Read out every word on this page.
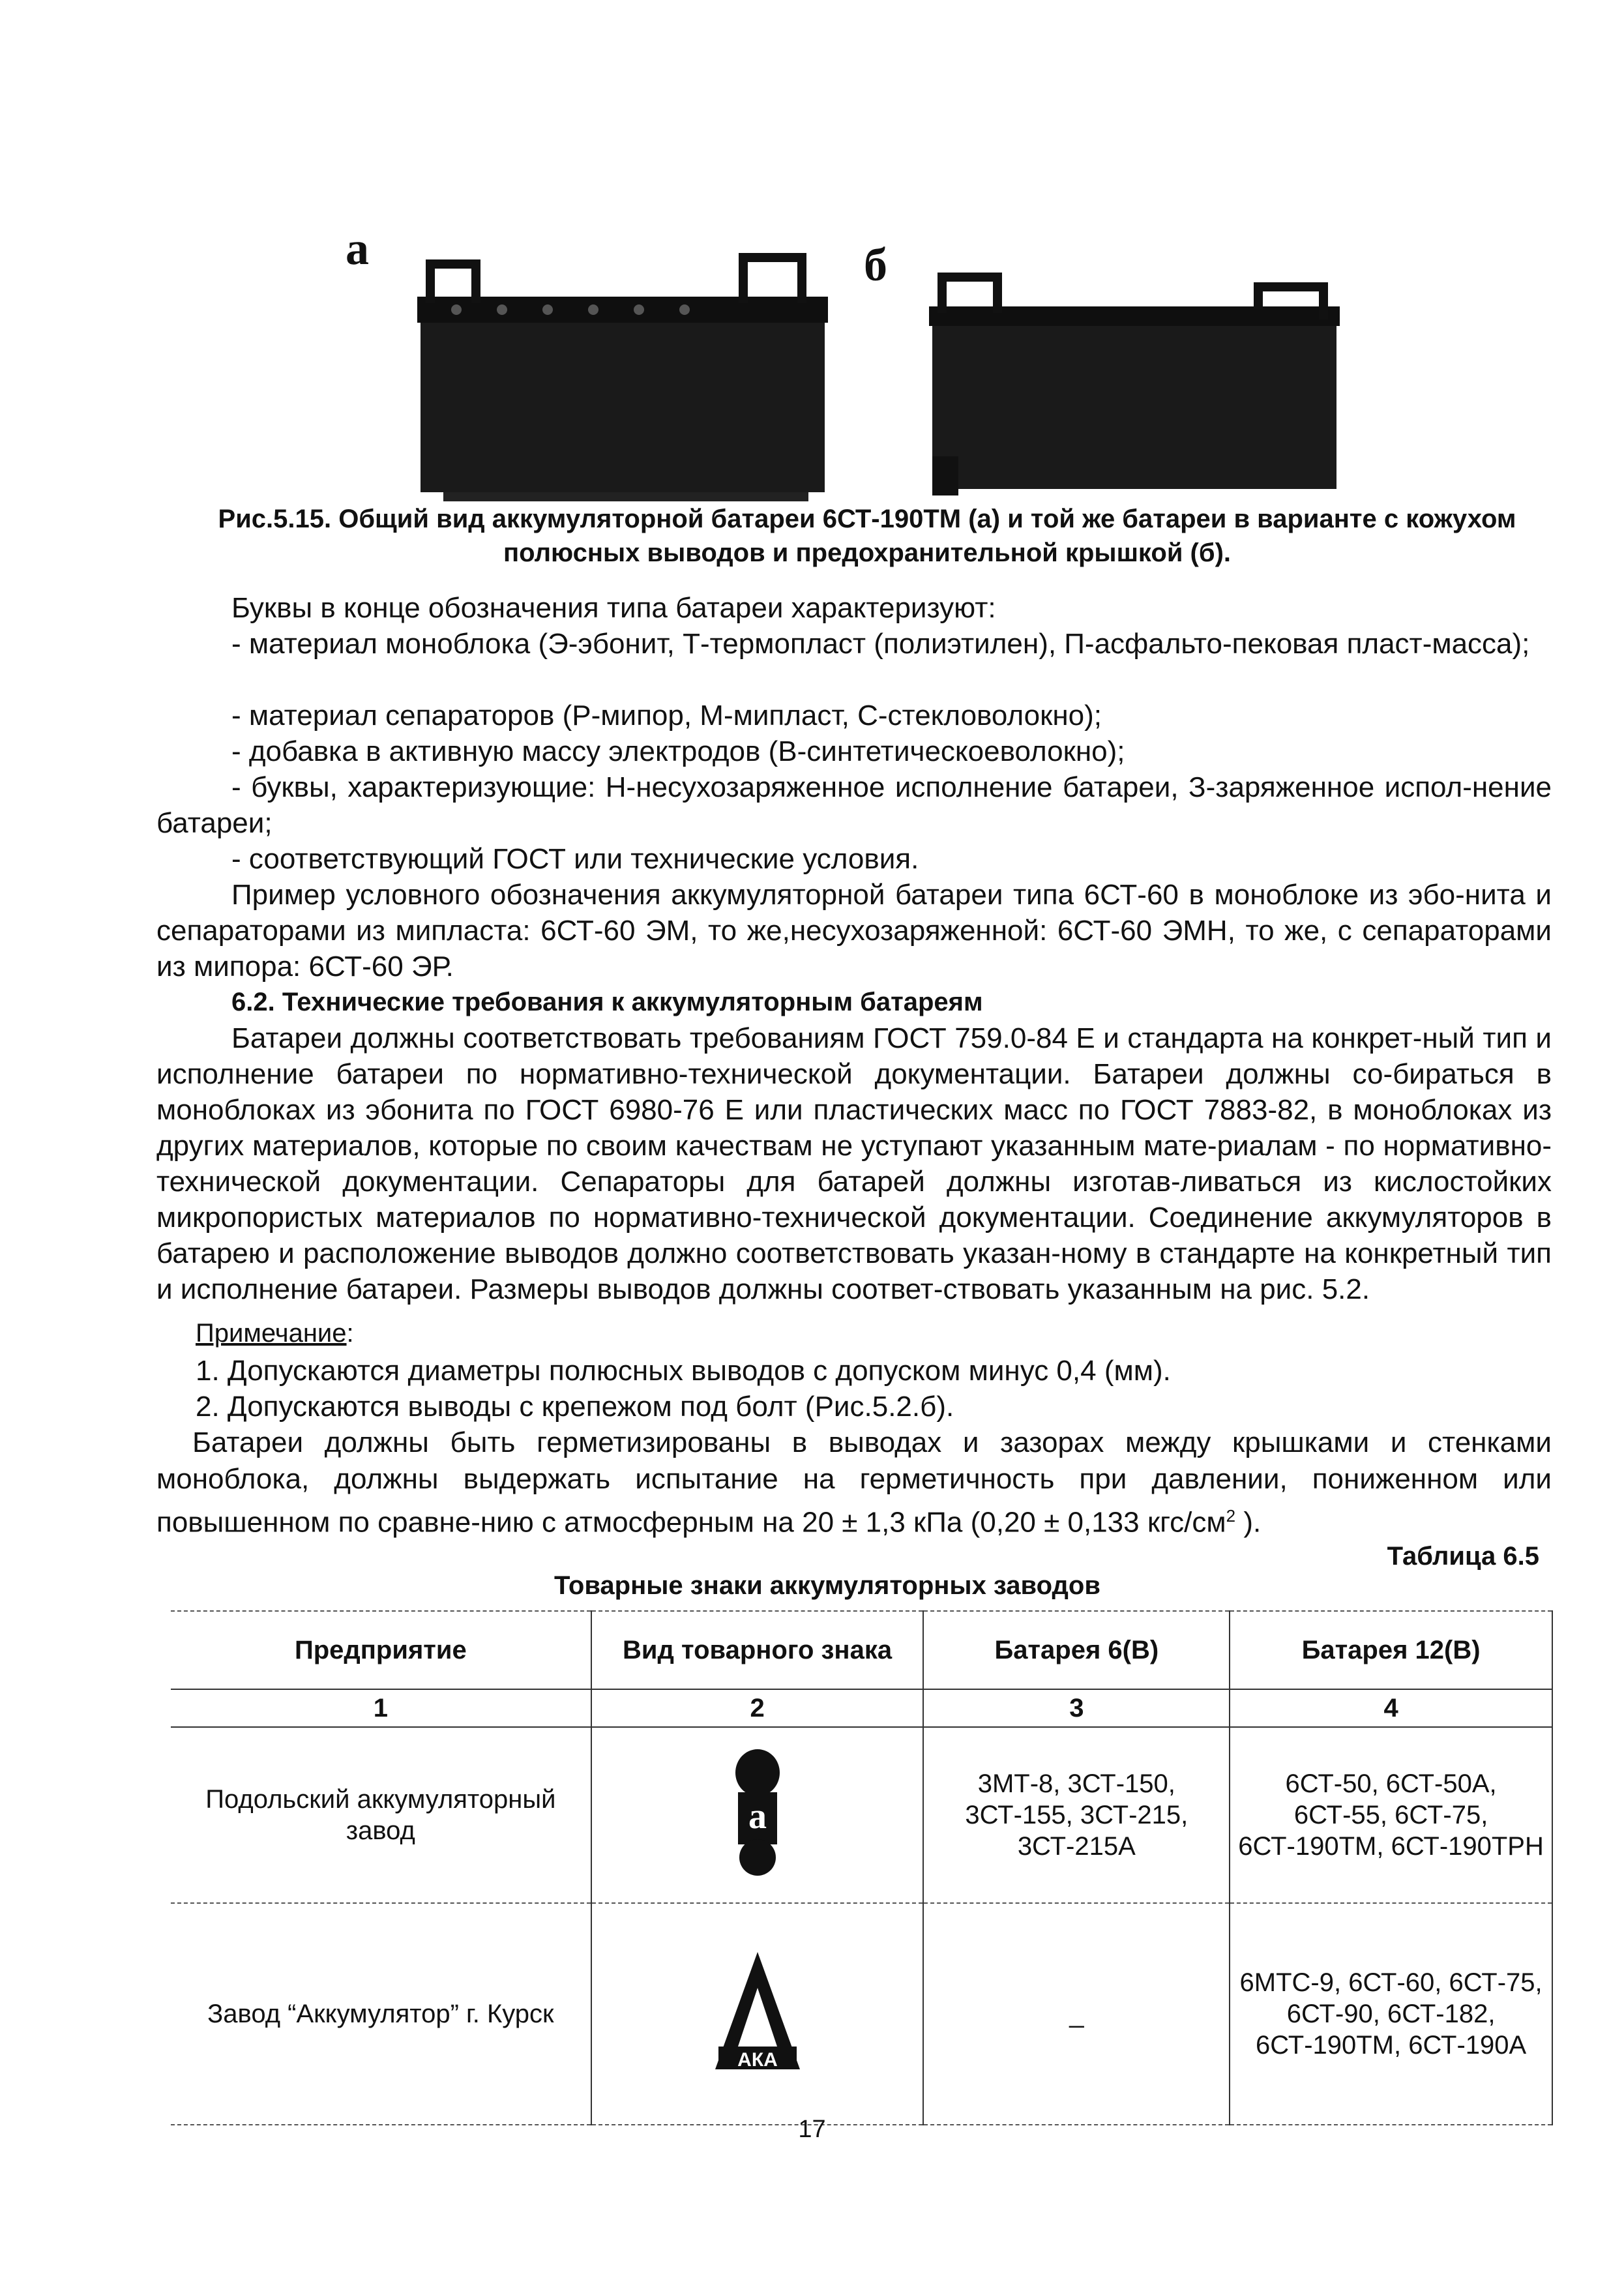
а	б
Рис.5.15. Общий вид аккумуляторной батареи 6СТ-190ТМ (а) и той же батареи в варианте с кожухом
полюсных выводов и предохранительной крышкой (б).

Буквы в конце обозначения типа батареи характеризуют:

- материал моноблока (Э-эбонит, Т-термопласт (полиэтилен), П-асфальто-пековая пласт-масса);

- материал сепараторов (Р-мипор, М-мипласт, С-стекловолокно);

- добавка в активную массу электродов (В-синтетическоеволокно);

- буквы, характеризующие: Н-несухозаряженное исполнение батареи, З-заряженное испол-нение батареи;

- соответствующий ГОСТ или технические условия.

Пример условного обозначения аккумуляторной батареи типа 6СТ-60 в моноблоке из эбо-нита и сепараторами из мипласта: 6СТ-60 ЭМ, то же,несухозаряженной: 6СТ-60 ЭМН, то же, с сепараторами из мипора: 6СТ-60 ЭР.

6.2. Технические требования к аккумуляторным батареям

Батареи должны соответствовать требованиям ГОСТ 759.0-84 Е и стандарта на конкрет-ный тип и исполнение батареи по нормативно-технической документации. Батареи должны со-бираться в моноблоках из эбонита по ГОСТ 6980-76 Е или пластических масс по ГОСТ 7883-82, в моноблоках из других материалов, которые по своим качествам не уступают указанным мате-риалам - по нормативно-технической документации. Сепараторы для батарей должны изготав-ливаться из кислостойких микропористых материалов по нормативно-технической документации. Соединение аккумуляторов в батарею и расположение выводов должно соответствовать указан-ному в стандарте на конкретный тип и исполнение батареи. Размеры выводов должны соответ-ствовать указанным на рис. 5.2.

Примечание:

1. Допускаются диаметры полюсных выводов с допуском минус 0,4 (мм).

2. Допускаются выводы с крепежом под болт (Рис.5.2.б).

Батареи должны быть герметизированы в выводах и зазорах между крышками и стенками моноблока, должны выдержать испытание на герметичность при давлении, пониженном или повышенном по сравне-нию с атмосферным на 20 ± 1,3 кПа (0,20 ± 0,133 кгс/$см^2$ ).

Таблица 6.5
Товарные знаки аккумуляторных заводов
Предприятие	Вид товарного знака	Батарея 6(В)	Батарея 12(В)
1	2	3	4
Подольский аккумуляторный завод	а	3МТ-8, 3СТ-150, 3СТ-155, 3СТ-215, 3СТ-215А	6СТ-50, 6СТ-50А, 6СТ-55, 6СТ-75, 6СТ-190ТМ, 6СТ-190ТРН
Завод “Аккумулятор” г. Курск	АКА	_	6МТС-9, 6СТ-60, 6СТ-75, 6СТ-90, 6СТ-182, 6СТ-190ТМ, 6СТ-190А
17
